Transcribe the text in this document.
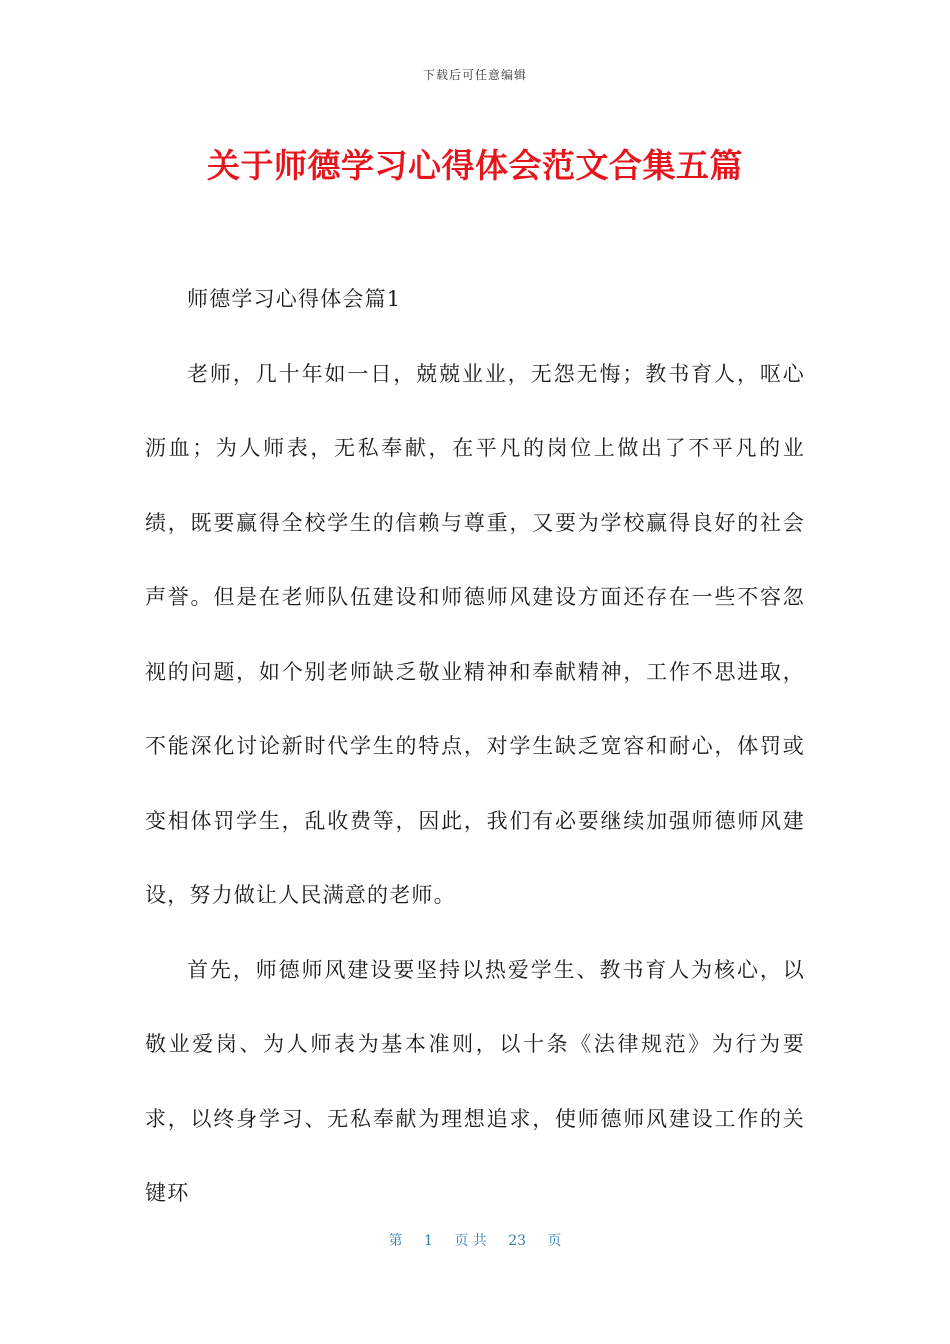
下载后可任意编辑
关于师德学习心得体会范文合集五篇

师德学习心得体会篇1

老师，几十年如一日，兢兢业业，无怨无悔；教书育人，呕心沥血；为人师表，无私奉献，在平凡的岗位上做出了不平凡的业绩，既要赢得全校学生的信赖与尊重，又要为学校赢得良好的社会声誉。但是在老师队伍建设和师德师风建设方面还存在一些不容忽视的问题，如个别老师缺乏敬业精神和奉献精神，工作不思进取，不能深化讨论新时代学生的特点，对学生缺乏宽容和耐心，体罚或变相体罚学生，乱收费等，因此，我们有必要继续加强师德师风建设，努力做让人民满意的老师。

首先，师德师风建设要坚持以热爱学生、教书育人为核心，以敬业爱岗、为人师表为基本准则，以十条《法律规范》为行为要求，以终身学习、无私奉献为理想追求，使师德师风建设工作的关键环

第 1 页 共 23 页
